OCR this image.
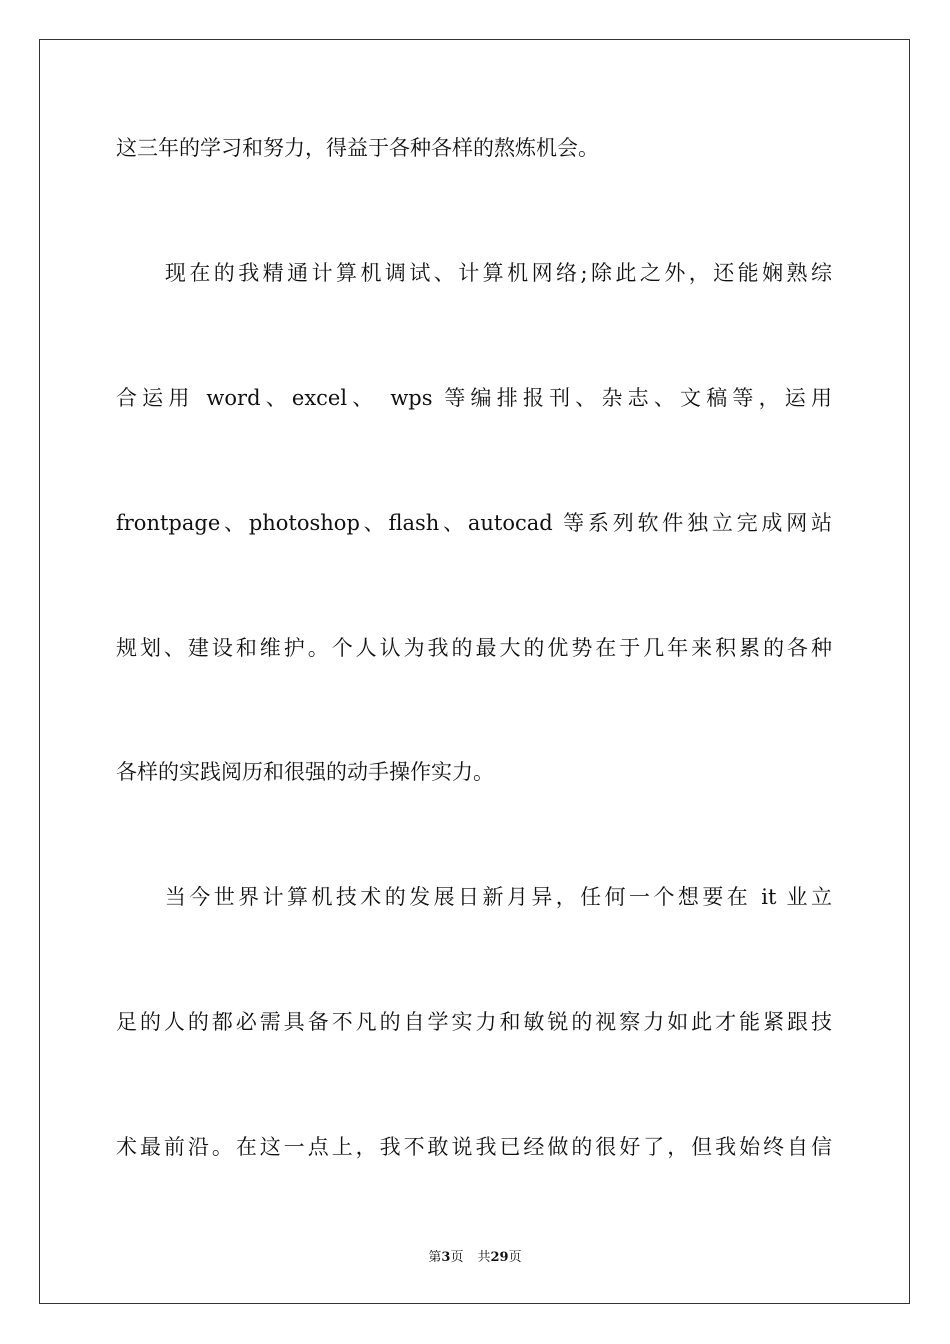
这三年的学习和努力，得益于各种各样的熬炼机会。
　　现在的我精通计算机调试、计算机网络;除此之外，还能娴熟综
合运用 word、excel、 wps 等编排报刊、杂志、文稿等，运用
frontpage、photoshop、flash、autocad 等系列软件独立完成网站
规划、建设和维护。个人认为我的最大的优势在于几年来积累的各种
各样的实践阅历和很强的动手操作实力。
　　当今世界计算机技术的发展日新月异，任何一个想要在 it 业立
足的人的都必需具备不凡的自学实力和敏锐的视察力如此才能紧跟技
术最前沿。在这一点上，我不敢说我已经做的很好了，但我始终自信
第3页 共29页
